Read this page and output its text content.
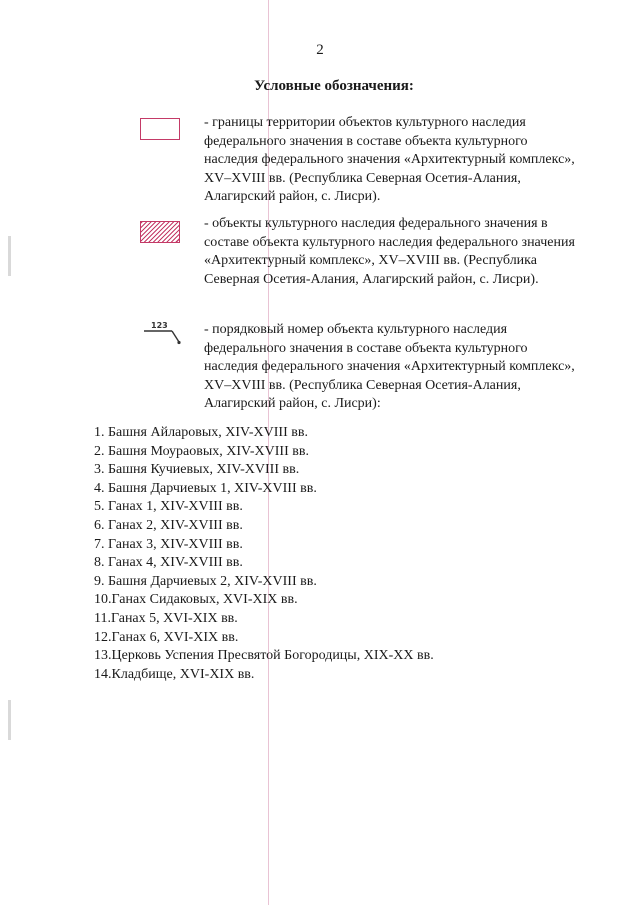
2
Условные обозначения:
- границы территории объектов культурного наследия федерального значения в составе объекта культурного наследия федерального значения «Архитектурный комплекс», XV–XVIII вв. (Республика Северная Осетия-Алания, Алагирский район, с. Лисри).
- объекты культурного наследия федерального значения в составе объекта культурного наследия федерального значения «Архитектурный комплекс», XV–XVIII вв. (Республика Северная Осетия-Алания, Алагирский район, с. Лисри).
123	- порядковый номер объекта культурного наследия федерального значения в составе объекта культурного наследия федерального значения «Архитектурный комплекс», XV–XVIII вв. (Республика Северная Осетия-Алания, Алагирский район, с. Лисри):
1. Башня Айларовых, XIV-XVIII вв.
2. Башня Моураовых, XIV-XVIII вв.
3. Башня Кучиевых, XIV-XVIII вв.
4. Башня Дарчиевых 1, XIV-XVIII вв.
5. Ганах 1, XIV-XVIII вв.
6. Ганах 2, XIV-XVIII вв.
7. Ганах 3, XIV-XVIII вв.
8. Ганах 4, XIV-XVIII вв.
9. Башня Дарчиевых 2, XIV-XVIII вв.
10.Ганах Сидаковых, XVI-XIX вв.
11.Ганах 5, XVI-XIX вв.
12.Ганах 6, XVI-XIX вв.
13.Церковь Успения Пресвятой Богородицы, XIX-XX вв.
14.Кладбище, XVI-XIX вв.
